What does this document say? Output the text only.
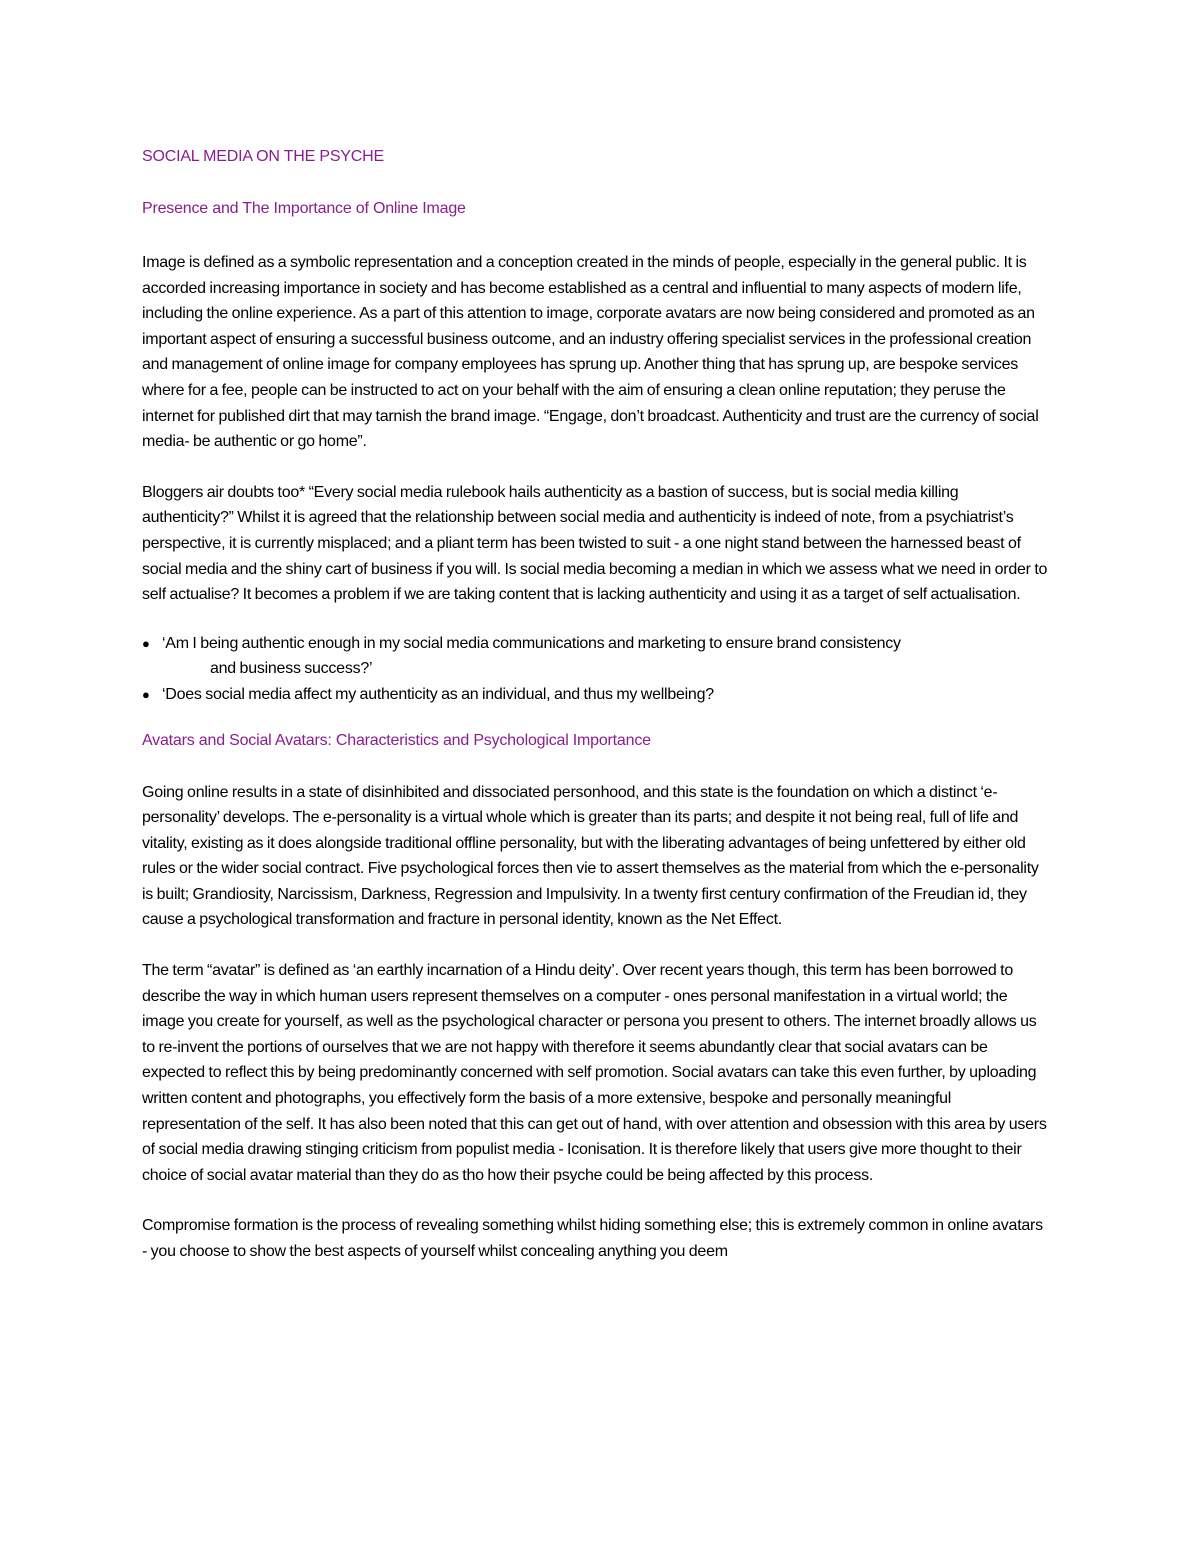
SOCIAL MEDIA ON THE PSYCHE
Presence and The Importance of Online Image

Image is defined as a symbolic representation and a conception created in the minds of people, especially in the general public. It is accorded increasing importance in society and has become established as a central and influential to many aspects of modern life, including the online experience. As a part of this attention to image, corporate avatars are now being considered and promoted as an important aspect of ensuring a successful business outcome, and an industry offering specialist services in the professional creation and management of online image for company employees has sprung up. Another thing that has sprung up, are bespoke services where for a fee, people can be instructed to act on your behalf with the aim of ensuring a clean online reputation; they peruse the internet for published dirt that may tarnish the brand image. “Engage, don’t broadcast. Authenticity and trust are the currency of social media- be authentic or go home”.

Bloggers air doubts too* “Every social media rulebook hails authenticity as a bastion of success, but is social media killing authenticity?” Whilst it is agreed that the relationship between social media and authenticity is indeed of note, from a psychiatrist’s perspective, it is currently misplaced; and a pliant term has been twisted to suit - a one night stand between the harnessed beast of social media and the shiny cart of business if you will. Is social media becoming a median in which we assess what we need in order to self actualise? It becomes a problem if we are taking content that is lacking authenticity and using it as a target of self actualisation.

● ‘Am I being authentic enough in my social media communications and marketing to ensure brand consistency
and business success?’
● ‘Does social media affect my authenticity as an individual, and thus my wellbeing?
Avatars and Social Avatars: Characteristics and Psychological Importance

Going online results in a state of disinhibited and dissociated personhood, and this state is the foundation on which a distinct ‘e-personality’ develops. The e-personality is a virtual whole which is greater than its parts; and despite it not being real, full of life and vitality, existing as it does alongside traditional offline personality, but with the liberating advantages of being unfettered by either old rules or the wider social contract. Five psychological forces then vie to assert themselves as the material from which the e-personality is built; Grandiosity, Narcissism, Darkness, Regression and Impulsivity. In a twenty first century confirmation of the Freudian id, they cause a psychological transformation and fracture in personal identity, known as the Net Effect.

The term “avatar” is defined as ‘an earthly incarnation of a Hindu deity’. Over recent years though, this term has been borrowed to describe the way in which human users represent themselves on a computer - ones personal manifestation in a virtual world; the image you create for yourself, as well as the psychological character or persona you present to others. The internet broadly allows us to re-invent the portions of ourselves that we are not happy with therefore it seems abundantly clear that social avatars can be expected to reflect this by being predominantly concerned with self promotion. Social avatars can take this even further, by uploading written content and photographs, you effectively form the basis of a more extensive, bespoke and personally meaningful representation of the self. It has also been noted that this can get out of hand, with over attention and obsession with this area by users of social media drawing stinging criticism from populist media - Iconisation. It is therefore likely that users give more thought to their choice of social avatar material than they do as tho how their psyche could be being affected by this process.

Compromise formation is the process of revealing something whilst hiding something else; this is extremely common in online avatars - you choose to show the best aspects of yourself whilst concealing anything you deem
